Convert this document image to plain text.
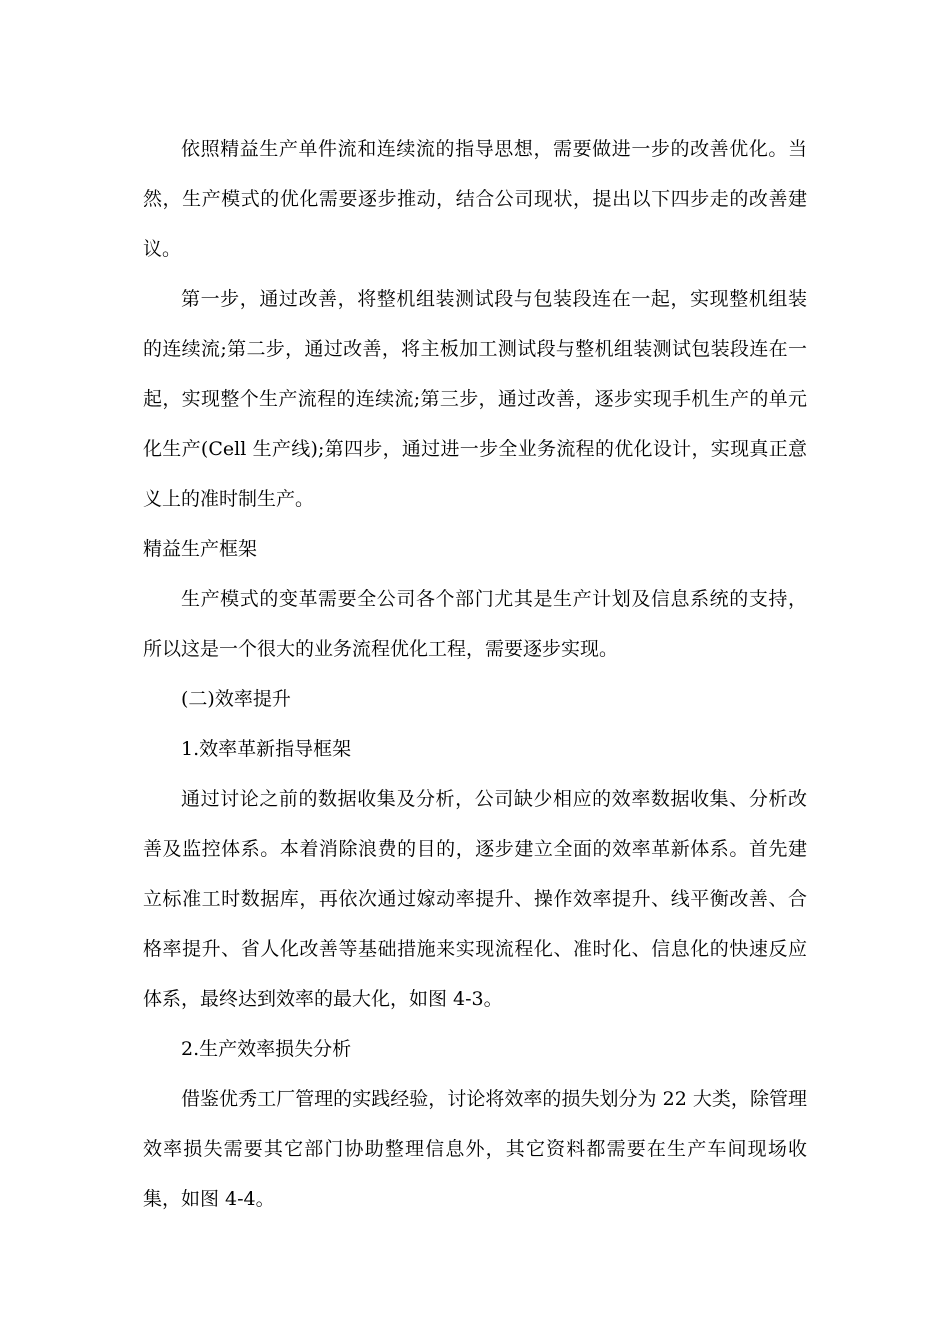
依照精益生产单件流和连续流的指导思想，需要做进一步的改善优化。当然，生产模式的优化需要逐步推动，结合公司现状，提出以下四步走的改善建议。

第一步，通过改善，将整机组装测试段与包装段连在一起，实现整机组装的连续流;第二步，通过改善，将主板加工测试段与整机组装测试包装段连在一起，实现整个生产流程的连续流;第三步，通过改善，逐步实现手机生产的单元化生产(Cell 生产线);第四步，通过进一步全业务流程的优化设计，实现真正意义上的准时制生产。

精益生产框架

生产模式的变革需要全公司各个部门尤其是生产计划及信息系统的支持，所以这是一个很大的业务流程优化工程，需要逐步实现。

(二)效率提升

1.效率革新指导框架

通过讨论之前的数据收集及分析，公司缺少相应的效率数据收集、分析改善及监控体系。本着消除浪费的目的，逐步建立全面的效率革新体系。首先建立标准工时数据库，再依次通过嫁动率提升、操作效率提升、线平衡改善、合格率提升、省人化改善等基础措施来实现流程化、准时化、信息化的快速反应体系，最终达到效率的最大化，如图 4-3。

2.生产效率损失分析

借鉴优秀工厂管理的实践经验，讨论将效率的损失划分为 22 大类，除管理效率损失需要其它部门协助整理信息外，其它资料都需要在生产车间现场收集，如图 4-4。
